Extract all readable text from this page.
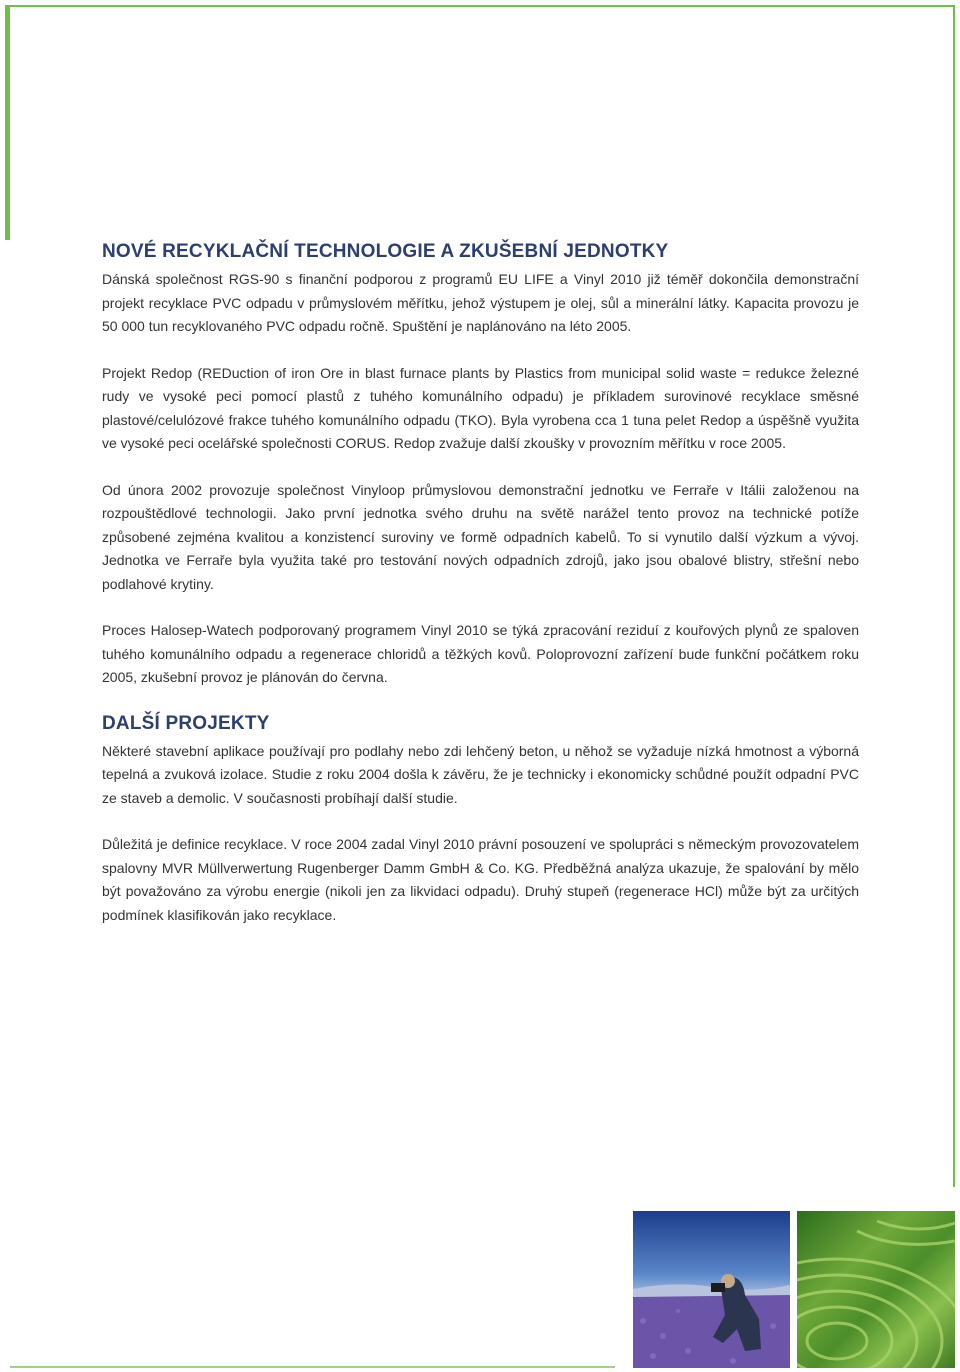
NOVÉ RECYKLAČNÍ TECHNOLOGIE A ZKUŠEBNÍ JEDNOTKY

Dánská společnost RGS-90 s finanční podporou z programů EU LIFE a Vinyl 2010 již téměř dokončila demonstrační projekt recyklace PVC odpadu v průmyslovém měřítku, jehož výstupem je olej, sůl a minerální látky. Kapacita provozu je 50 000 tun recyklovaného PVC odpadu ročně. Spuštění je naplánováno na léto 2005.

Projekt Redop (REDuction of iron Ore in blast furnace plants by Plastics from municipal solid waste = redukce železné rudy ve vysoké peci pomocí plastů z tuhého komunálního odpadu) je příkladem surovinové recyklace směsné plastové/celulózové frakce tuhého komunálního odpadu (TKO). Byla vyrobena cca 1 tuna pelet Redop a úspěšně využita ve vysoké peci ocelářské společnosti CORUS. Redop zvažuje další zkoušky v provozním měřítku v roce 2005.

Od února 2002 provozuje společnost Vinyloop průmyslovou demonstrační jednotku ve Ferraře v Itálii založenou na rozpouštědlové technologii. Jako první jednotka svého druhu na světě narážel tento provoz na technické potíže způsobené zejména kvalitou a konzistencí suroviny ve formě odpadních kabelů. To si vynutilo další výzkum a vývoj. Jednotka ve Ferraře byla využita také pro testování nových odpadních zdrojů, jako jsou obalové blistry, střešní nebo podlahové krytiny.

Proces Halosep-Watech podporovaný programem Vinyl 2010 se týká zpracování reziduí z kouřových plynů ze spaloven tuhého komunálního odpadu a regenerace chloridů a těžkých kovů. Poloprovozní zařízení bude funkční počátkem roku 2005, zkušební provoz je plánován do června.

DALŠÍ PROJEKTY

Některé stavební aplikace používají pro podlahy nebo zdi lehčený beton, u něhož se vyžaduje nízká hmotnost a výborná tepelná a zvuková izolace. Studie z roku 2004 došla k závěru, že je technicky i ekonomicky schůdné použít odpadní PVC ze staveb a demolic. V současnosti probíhají další studie.

Důležitá je definice recyklace. V roce 2004 zadal Vinyl 2010 právní posouzení ve spolupráci s německým provozovatelem spalovny MVR Müllverwertung Rugenberger Damm GmbH & Co. KG. Předběžná analýza ukazuje, že spalování by mělo být považováno za výrobu energie (nikoli jen za likvidaci odpadu). Druhý stupeň (regenerace HCl) může být za určitých podmínek klasifikován jako recyklace.
